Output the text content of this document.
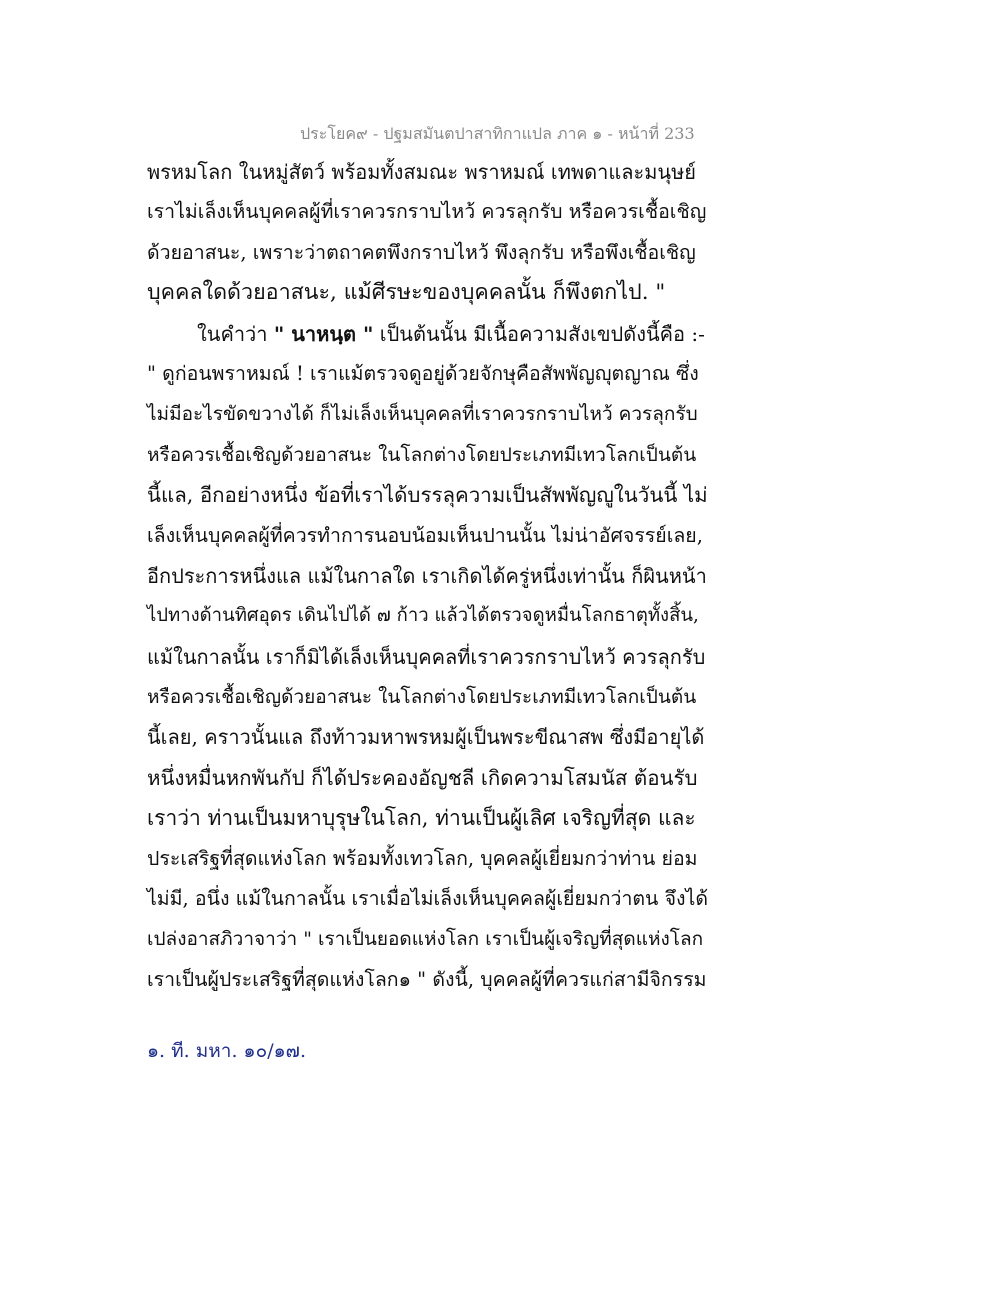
ประโยค๙ - ปฐมสมันตปาสาทิกาแปล ภาค ๑ - หน้าที่ 233
พรหมโลก ในหมู่สัตว์ พร้อมทั้งสมณะ พราหมณ์ เทพดาและมนุษย์
เราไม่เล็งเห็นบุคคลผู้ที่เราควรกราบไหว้ ควรลุกรับ หรือควรเชื้อเชิญ
ด้วยอาสนะ, เพราะว่าตถาคตพึงกราบไหว้ พึงลุกรับ หรือพึงเชื้อเชิญ
บุคคลใดด้วยอาสนะ, แม้ศีรษะของบุคคลนั้น ก็พึงตกไป. "
ในคำว่า " นาหนฺต " เป็นต้นนั้น มีเนื้อความสังเขปดังนี้คือ :-
" ดูก่อนพราหมณ์ ! เราแม้ตรวจดูอยู่ด้วยจักษุคือสัพพัญญุตญาณ ซึ่ง
ไม่มีอะไรขัดขวางได้ ก็ไม่เล็งเห็นบุคคลที่เราควรกราบไหว้ ควรลุกรับ
หรือควรเชื้อเชิญด้วยอาสนะ ในโลกต่างโดยประเภทมีเทวโลกเป็นต้น
นี้แล, อีกอย่างหนึ่ง ข้อที่เราได้บรรลุความเป็นสัพพัญญูในวันนี้ ไม่
เล็งเห็นบุคคลผู้ที่ควรทำการนอบน้อมเห็นปานนั้น ไม่น่าอัศจรรย์เลย,
อีกประการหนึ่งแล แม้ในกาลใด เราเกิดได้ครู่หนึ่งเท่านั้น ก็ผินหน้า
ไปทางด้านทิศอุดร เดินไปได้ ๗ ก้าว แล้วได้ตรวจดูหมื่นโลกธาตุทั้งสิ้น,
แม้ในกาลนั้น เราก็มิได้เล็งเห็นบุคคลที่เราควรกราบไหว้ ควรลุกรับ
หรือควรเชื้อเชิญด้วยอาสนะ ในโลกต่างโดยประเภทมีเทวโลกเป็นต้น
นี้เลย, คราวนั้นแล ถึงท้าวมหาพรหมผู้เป็นพระขีณาสพ ซึ่งมีอายุได้
หนึ่งหมื่นหกพันกัป ก็ได้ประคองอัญชลี เกิดความโสมนัส ต้อนรับ
เราว่า ท่านเป็นมหาบุรุษในโลก, ท่านเป็นผู้เลิศ เจริญที่สุด และ
ประเสริฐที่สุดแห่งโลก พร้อมทั้งเทวโลก, บุคคลผู้เยี่ยมกว่าท่าน ย่อม
ไม่มี, อนึ่ง แม้ในกาลนั้น เราเมื่อไม่เล็งเห็นบุคคลผู้เยี่ยมกว่าตน จึงได้
เปล่งอาสภิวาจาว่า " เราเป็นยอดแห่งโลก เราเป็นผู้เจริญที่สุดแห่งโลก
เราเป็นผู้ประเสริฐที่สุดแห่งโลก๑ " ดังนี้, บุคคลผู้ที่ควรแก่สามีจิกรรม
๑. ที. มหา. ๑๐/๑๗.
